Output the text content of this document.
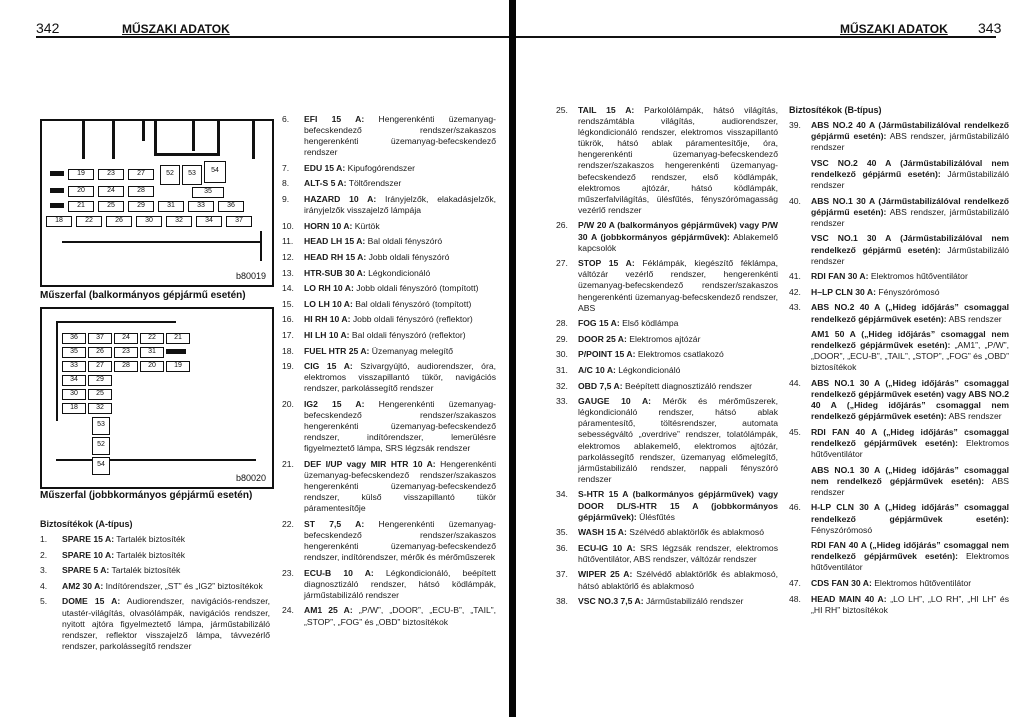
342	MŰSZAKI ADATOK
b80019
19	23	27	52	53	54
20	24	28	35
21	25	29	31	33	36
18	22	26	30	32	34	37
Műszerfal (balkormányos gépjármű esetén)
b80020
36	37	24	22	21
35	26	23	31
33	27	28	20	19
34	29
30	25
18	32
53
52
54
Műszerfal (jobbkormányos gépjármű esetén)
Biztosítékok (A-típus)
1.	SPARE 15 A: Tartalék biztosíték
2.	SPARE 10 A: Tartalék biztosíték
3.	SPARE 5 A: Tartalék biztosíték
4.	AM2 30 A: Indítórendszer, „ST” és „IG2” biztosítékok
5.	DOME 15 A: Audiorendszer, navigációs-rendszer, utastér-világítás, olvasólámpák, navigációs rendszer, nyitott ajtóra figyelmeztető lámpa, járműstabilizáló rendszer, reflektor visszajelző lámpa, távvezérlő rendszer, parkolássegítő rendszer
6.	EFI 15 A: Hengerenkénti üzemanyag-befecskendező rendszer/szakaszos hengerenkénti üzemanyag-befecskendező rendszer
7.	EDU 15 A: Kipufogórendszer
8.	ALT-S 5 A: Töltőrendszer
9.	HAZARD 10 A: Irányjelzők, elakadásjelzők, irányjelzők visszajelző lámpája
10.	HORN 10 A: Kürtök
11.	HEAD LH 15 A: Bal oldali fényszóró
12.	HEAD RH 15 A: Jobb oldali fényszóró
13.	HTR-SUB 30 A: Légkondicionáló
14.	LO RH 10 A: Jobb oldali fényszóró (tompított)
15.	LO LH 10 A: Bal oldali fényszóró (tompított)
16.	HI RH 10 A: Jobb oldali fényszóró (reflektor)
17.	HI LH 10 A: Bal oldali fényszóró (reflektor)
18.	FUEL HTR 25 A: Üzemanyag melegítő
19.	CIG 15 A: Szivargyújtó, audiorendszer, óra, elektromos visszapillantó tükör, navigációs rendszer, parkolássegítő rendszer
20.	IG2 15 A: Hengerenkénti üzemanyag-befecskendező rendszer/szakaszos hengerenkénti üzemanyag-befecskendező rendszer, indítórendszer, lemerülésre figyelmeztető lámpa, SRS légzsák rendszer
21.	DEF I/UP vagy MIR HTR 10 A: Hengerenkénti üzemanyag-befecskendező rendszer/szakaszos hengerenkénti üzemanyag-befecskendező rendszer, külső visszapillantó tükör páramentesítője
22.	ST 7,5 A: Hengerenkénti üzemanyag-befecskendező rendszer/szakaszos hengerenkénti üzemanyag-befecskendező rendszer, indítórendszer, mérők és mérőműszerek
23.	ECU-B 10 A: Légkondicionáló, beépített diagnosztizáló rendszer, hátsó ködlámpák, járműstabilizáló rendszer
24.	AM1 25 A: „P/W”, „DOOR”, „ECU-B”, „TAIL”, „STOP”, „FOG” és „OBD” biztosítékok
MŰSZAKI ADATOK 343
25.	TAIL 15 A: Parkolólámpák, hátsó világítás, rendszámtábla világítás, audiorendszer, légkondicionáló rendszer, elektromos visszapillantó tükrök, hátsó ablak páramentesítője, óra, hengerenkénti üzemanyag-befecskendező rendszer/szakaszos hengerenkénti üzemanyag-befecskendező rendszer, első ködlámpák, elektromos ajtózár, hátsó ködlámpák, műszerfalvilágítás, ülésfűtés, fényszórómagasság vezérlő rendszer
26.	P/W 20 A (balkormányos gépjárművek) vagy P/W 30 A (jobbkormányos gépjárművek): Ablakemelő kapcsolók
27.	STOP 15 A: Féklámpák, kiegészítő féklámpa, váltózár vezérlő rendszer, hengerenkénti üzemanyag-befecskendező rendszer/szakaszos hengerenkénti üzemanyag-befecskendező rendszer, ABS
28.	FOG 15 A: Első ködlámpa
29.	DOOR 25 A: Elektromos ajtózár
30.	P/POINT 15 A: Elektromos csatlakozó
31.	A/C 10 A: Légkondicionáló
32.	OBD 7,5 A: Beépített diagnosztizáló rendszer
33.	GAUGE 10 A: Mérők és mérőműszerek, légkondicionáló rendszer, hátsó ablak páramentesítő, töltésrendszer, automata sebességváltó „overdrive” rendszer, tolatólámpák, elektromos ablakemelő, elektromos ajtózár, parkolássegítő rendszer, üzemanyag előmelegítő, járműstabilizáló rendszer, nappali fényszóró rendszer
34.	S-HTR 15 A (balkormányos gépjárművek) vagy DOOR DL/S-HTR 15 A (jobbkormányos gépjárművek): Ülésfűtés
35.	WASH 15 A: Szélvédő ablaktörlők és ablakmosó
36.	ECU-IG 10 A: SRS légzsák rendszer, elektromos hűtőventilátor, ABS rendszer, váltózár rendszer
37.	WIPER 25 A: Szélvédő ablaktörlők és ablakmosó, hátsó ablaktörlő és ablakmosó
38.	VSC NO.3 7,5 A: Járműstabilizáló rendszer
Biztosítékok (B-típus)
39.	ABS NO.2 40 A (Járműstabilizálóval rendelkező gépjármű esetén): ABS rendszer, járműstabilizáló rendszer
VSC NO.2 40 A (Járműstabilizálóval nem rendelkező gépjármű esetén): Járműstabilizáló rendszer
40.	ABS NO.1 30 A (Járműstabilizálóval rendelkező gépjármű esetén): ABS rendszer, járműstabilizáló rendszer
VSC NO.1 30 A (Járműstabilizálóval nem rendelkező gépjármű esetén): Járműstabilizáló rendszer
41.	RDI FAN 30 A: Elektromos hűtőventilátor
42.	H–LP CLN 30 A: Fényszórómosó
43.	ABS NO.2 40 A („Hideg időjárás” csomaggal rendelkező gépjárművek esetén): ABS rendszer
AM1 50 A („Hideg időjárás” csomaggal nem rendelkező gépjárművek esetén): „AM1”, „P/W”, „DOOR”, „ECU-B”, „TAIL”, „STOP”, „FOG” és „OBD” biztosítékok
44.	ABS NO.1 30 A („Hideg időjárás” csomaggal rendelkező gépjárművek esetén) vagy ABS NO.2 40 A („Hideg időjárás” csomaggal nem rendelkező gépjárművek esetén): ABS rendszer
45.	RDI FAN 40 A („Hideg időjárás” csomaggal rendelkező gépjárművek esetén): Elektromos hűtőventilátor
ABS NO.1 30 A („Hideg időjárás” csomaggal nem rendelkező gépjárművek esetén): ABS rendszer
46.	H-LP CLN 30 A („Hideg időjárás” csomaggal rendelkező gépjárművek esetén): Fényszórómosó
RDI FAN 40 A („Hideg időjárás” csomaggal nem rendelkező gépjárművek esetén): Elektromos hűtőventilátor
47.	CDS FAN 30 A: Elektromos hűtőventilátor
48.	HEAD MAIN 40 A: „LO LH”, „LO RH”, „HI LH” és „HI RH” biztosítékok
